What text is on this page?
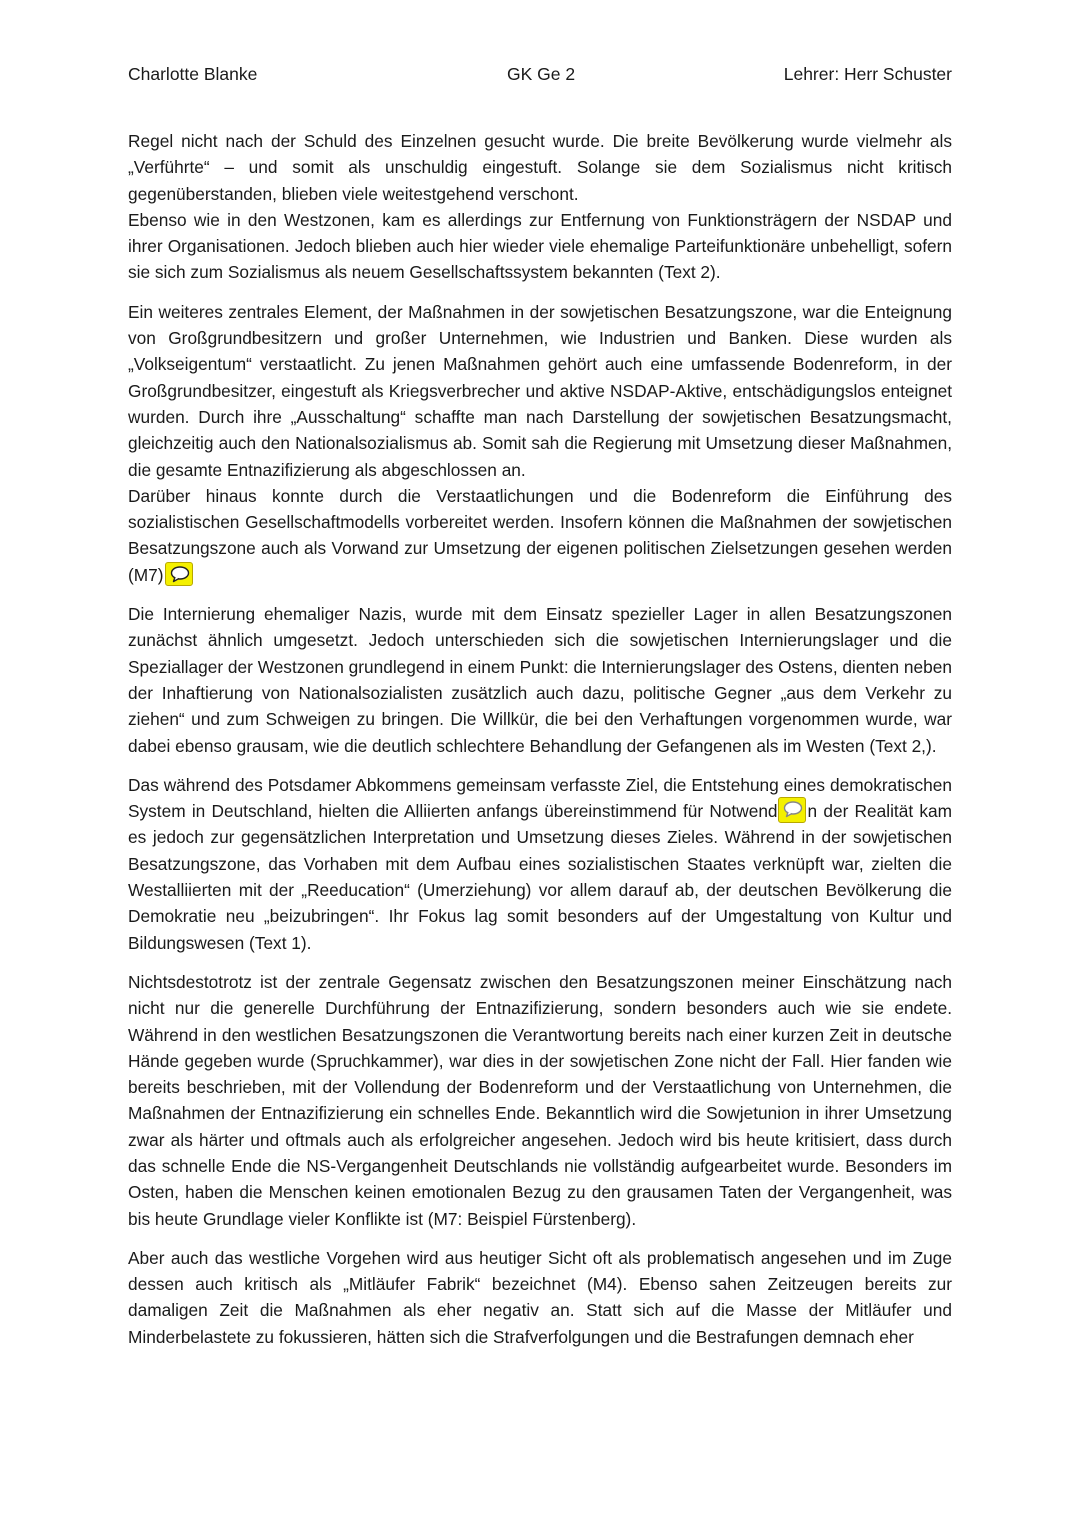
Charlotte Blanke	GK Ge 2	Lehrer: Herr Schuster

Regel nicht nach der Schuld des Einzelnen gesucht wurde. Die breite Bevölkerung wurde vielmehr als „Verführte“ – und somit als unschuldig eingestuft. Solange sie dem Sozialismus nicht kritisch gegenüberstanden, blieben viele weitestgehend verschont.

Ebenso wie in den Westzonen, kam es allerdings zur Entfernung von Funktionsträgern der NSDAP und ihrer Organisationen. Jedoch blieben auch hier wieder viele ehemalige Parteifunktionäre unbehelligt, sofern sie sich zum Sozialismus als neuem Gesellschaftssystem bekannten (Text 2).

Ein weiteres zentrales Element, der Maßnahmen in der sowjetischen Besatzungszone, war die Enteignung von Großgrundbesitzern und großer Unternehmen, wie Industrien und Banken. Diese wurden als „Volkseigentum“ verstaatlicht. Zu jenen Maßnahmen gehört auch eine umfassende Bodenreform, in der Großgrundbesitzer, eingestuft als Kriegsverbrecher und aktive NSDAP-Aktive, entschädigungslos enteignet wurden. Durch ihre „Ausschaltung“ schaffte man nach Darstellung der sowjetischen Besatzungsmacht, gleichzeitig auch den Nationalsozialismus ab. Somit sah die Regierung mit Umsetzung dieser Maßnahmen, die gesamte Entnazifizierung als abgeschlossen an.

Darüber hinaus konnte durch die Verstaatlichungen und die Bodenreform die Einführung des sozialistischen Gesellschaftmodells vorbereitet werden. Insofern können die Maßnahmen der sowjetischen Besatzungszone auch als Vorwand zur Umsetzung der eigenen politischen Zielsetzungen gesehen werden (M7)

Die Internierung ehemaliger Nazis, wurde mit dem Einsatz spezieller Lager in allen Besatzungszonen zunächst ähnlich umgesetzt. Jedoch unterschieden sich die sowjetischen Internierungslager und die Speziallager der Westzonen grundlegend in einem Punkt: die Internierungslager des Ostens, dienten neben der Inhaftierung von Nationalsozialisten zusätzlich auch dazu, politische Gegner „aus dem Verkehr zu ziehen“ und zum Schweigen zu bringen. Die Willkür, die bei den Verhaftungen vorgenommen wurde, war dabei ebenso grausam, wie die deutlich schlechtere Behandlung der Gefangenen als im Westen (Text 2,).

Das während des Potsdamer Abkommens gemeinsam verfasste Ziel, die Entstehung eines demokratischen System in Deutschland, hielten die Alliierten anfangs übereinstimmend für Notwend n der Realität kam es jedoch zur gegensätzlichen Interpretation und Umsetzung dieses Zieles. Während in der sowjetischen Besatzungszone, das Vorhaben mit dem Aufbau eines sozialistischen Staates verknüpft war, zielten die Westalliierten mit der „Reeducation“ (Umerziehung) vor allem darauf ab, der deutschen Bevölkerung die Demokratie neu „beizubringen“. Ihr Fokus lag somit besonders auf der Umgestaltung von Kultur und Bildungswesen (Text 1).

Nichtsdestotrotz ist der zentrale Gegensatz zwischen den Besatzungszonen meiner Einschätzung nach nicht nur die generelle Durchführung der Entnazifizierung, sondern besonders auch wie sie endete. Während in den westlichen Besatzungszonen die Verantwortung bereits nach einer kurzen Zeit in deutsche Hände gegeben wurde (Spruchkammer), war dies in der sowjetischen Zone nicht der Fall. Hier fanden wie bereits beschrieben, mit der Vollendung der Bodenreform und der Verstaatlichung von Unternehmen, die Maßnahmen der Entnazifizierung ein schnelles Ende. Bekanntlich wird die Sowjetunion in ihrer Umsetzung zwar als härter und oftmals auch als erfolgreicher angesehen. Jedoch wird bis heute kritisiert, dass durch das schnelle Ende die NS-Vergangenheit Deutschlands nie vollständig aufgearbeitet wurde. Besonders im Osten, haben die Menschen keinen emotionalen Bezug zu den grausamen Taten der Vergangenheit, was bis heute Grundlage vieler Konflikte ist (M7: Beispiel Fürstenberg).

Aber auch das westliche Vorgehen wird aus heutiger Sicht oft als problematisch angesehen und im Zuge dessen auch kritisch als „Mitläufer Fabrik“ bezeichnet (M4). Ebenso sahen Zeitzeugen bereits zur damaligen Zeit die Maßnahmen als eher negativ an. Statt sich auf die Masse der Mitläufer und Minderbelastete zu fokussieren, hätten sich die Strafverfolgungen und die Bestrafungen demnach eher
